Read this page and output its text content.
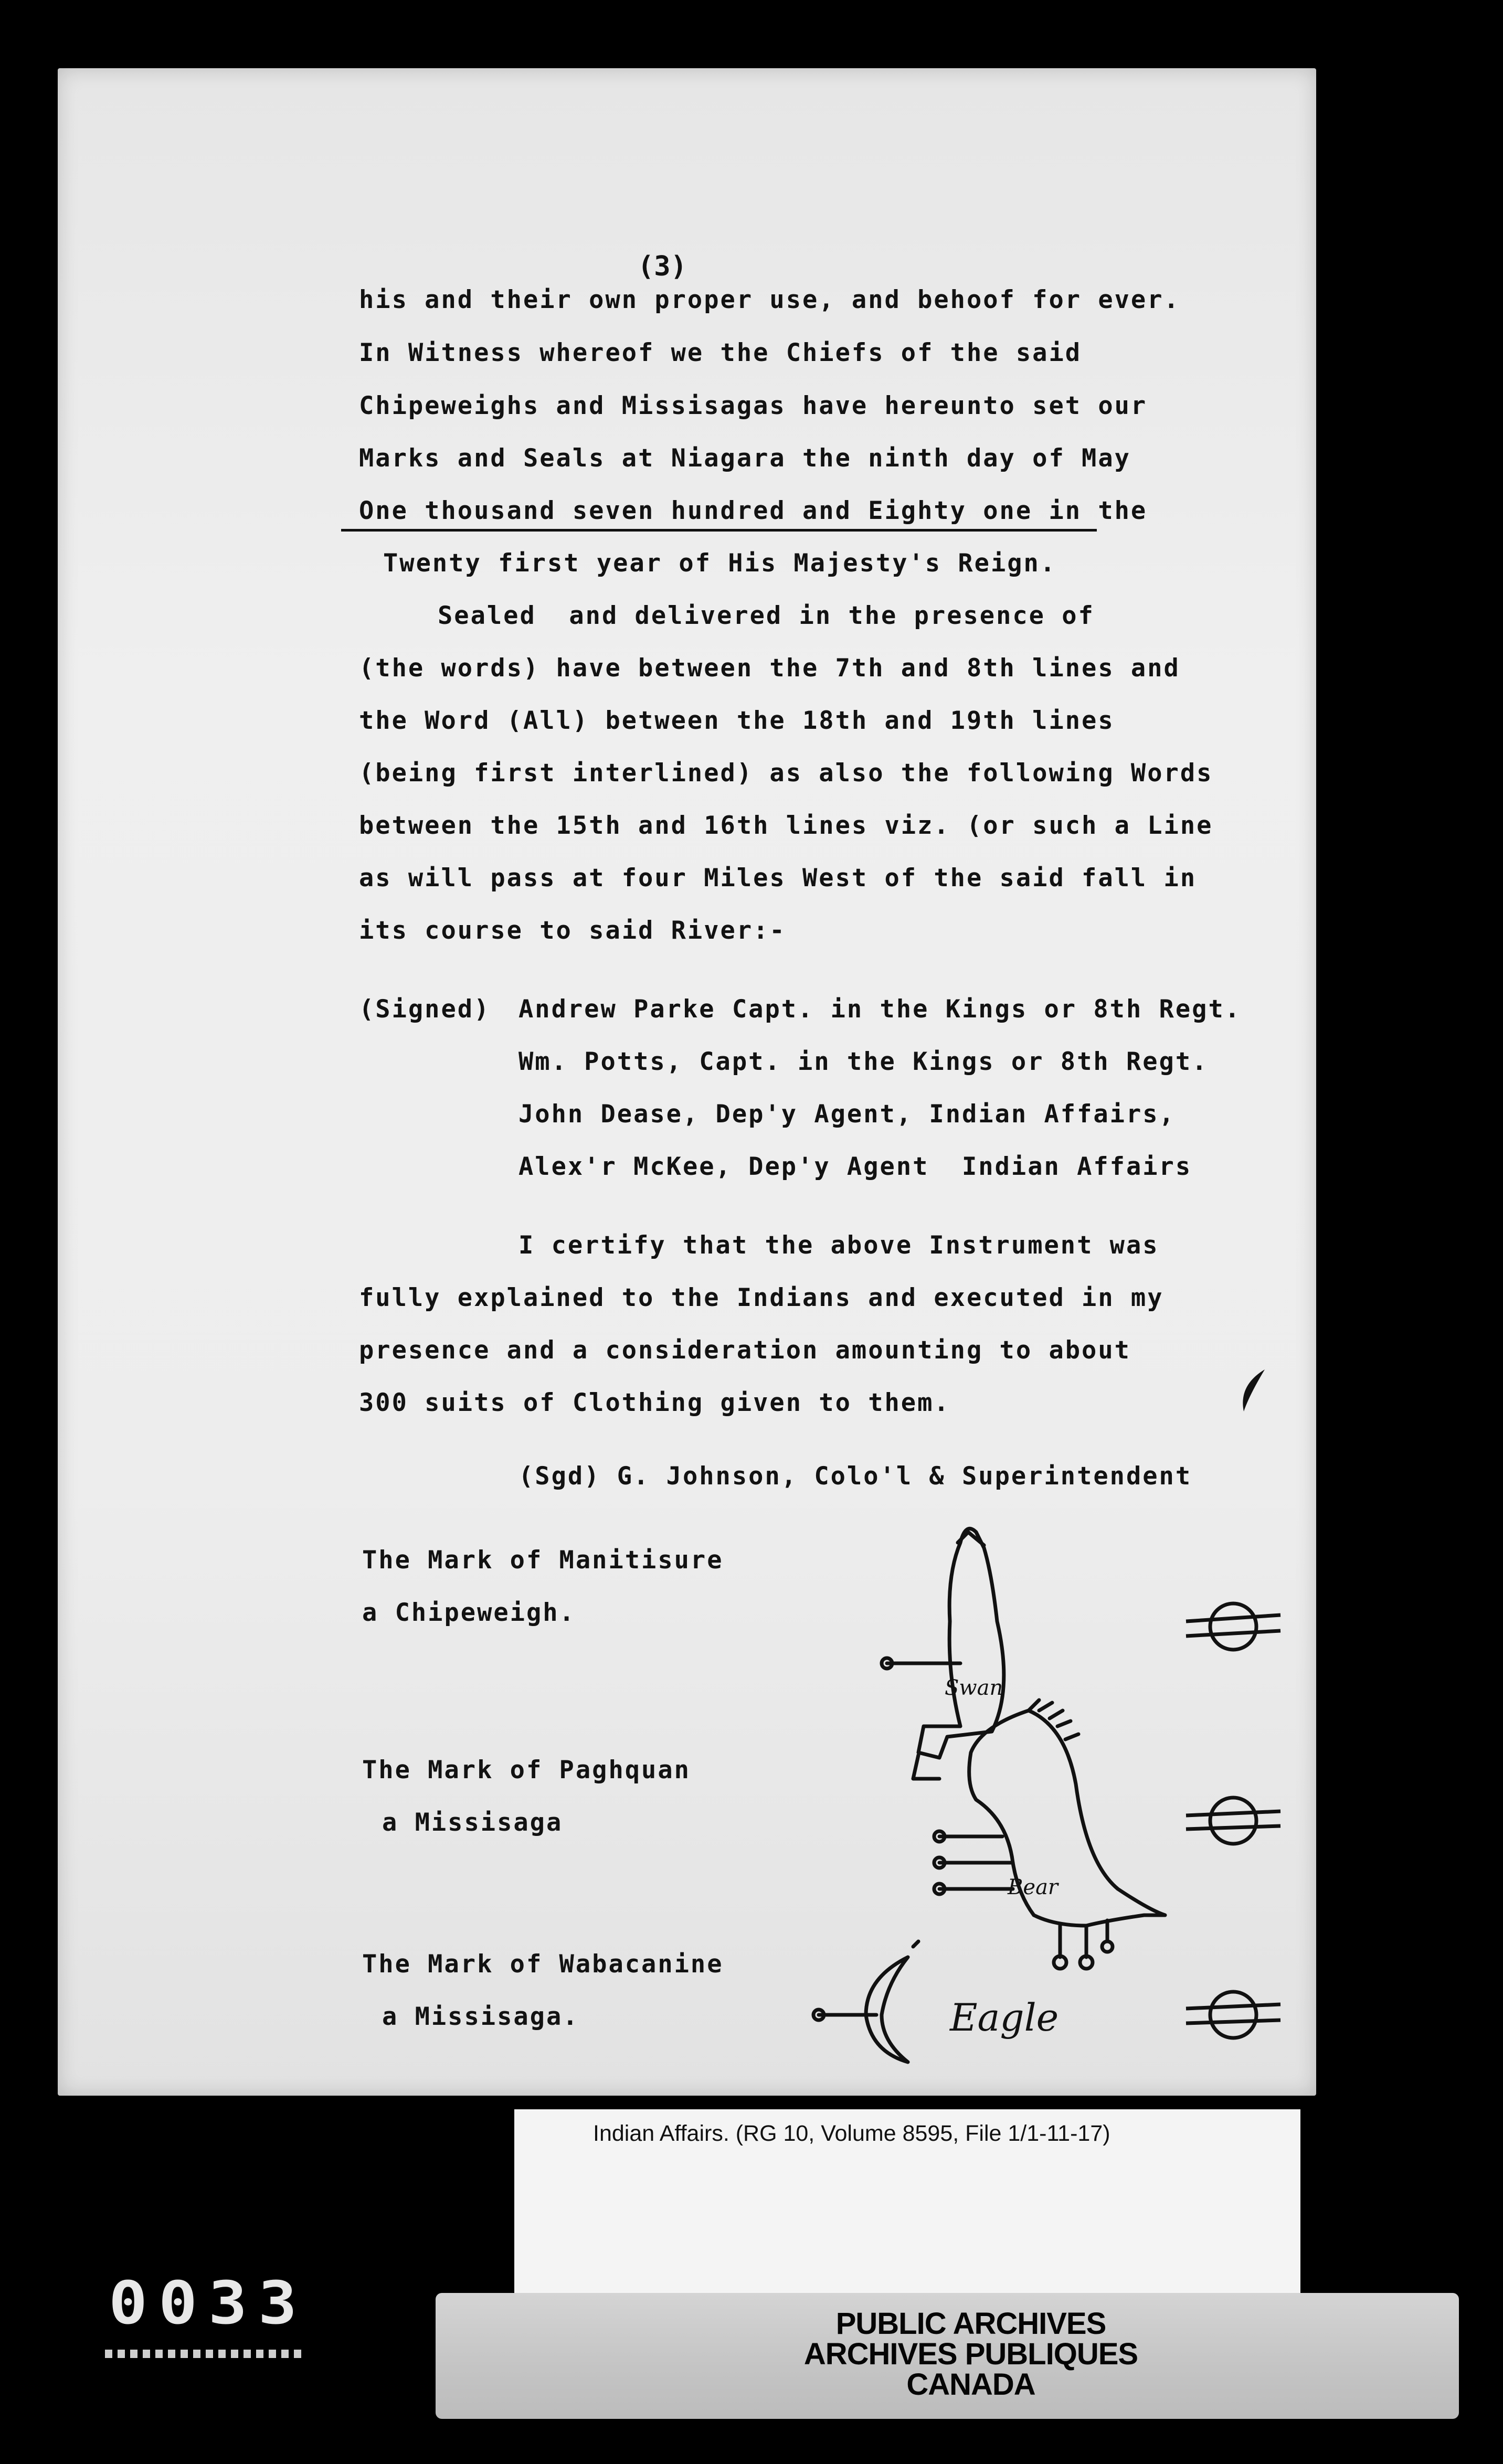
(3)
his and their own proper use, and behoof for ever.
In Witness whereof we the Chiefs of the said
Chipeweighs and Missisagas have hereunto set our
Marks and Seals at Niagara the ninth day of May
One thousand seven hundred and Eighty one in the
Twenty first year of His Majesty's Reign.
Sealed  and delivered in the presence of
(the words) have between the 7th and 8th lines and
the Word (All) between the 18th and 19th lines
(being first interlined) as also the following Words
between the 15th and 16th lines viz. (or such a Line
as will pass at four Miles West of the said fall in
its course to said River:-
(Signed) Andrew Parke Capt. in the Kings or 8th Regt.
Wm. Potts, Capt. in the Kings or 8th Regt.
John Dease, Dep'y Agent, Indian Affairs,
Alex'r McKee, Dep'y Agent  Indian Affairs
I certify that the above Instrument was
fully explained to the Indians and executed in my
presence and a consideration amounting to about
300 suits of Clothing given to them.
(Sgd) G. Johnson, Colo'l & Superintendent
The Mark of Manitisure
a Chipeweigh.
The Mark of Paghquan
a Missisaga
The Mark of Wabacanine
a Missisaga.
Swan
Bear
Eagle
Indian Affairs. (RG 10, Volume 8595, File 1/1-11-17)
PUBLIC ARCHIVES
ARCHIVES PUBLIQUES
CANADA
0 0 3 3
